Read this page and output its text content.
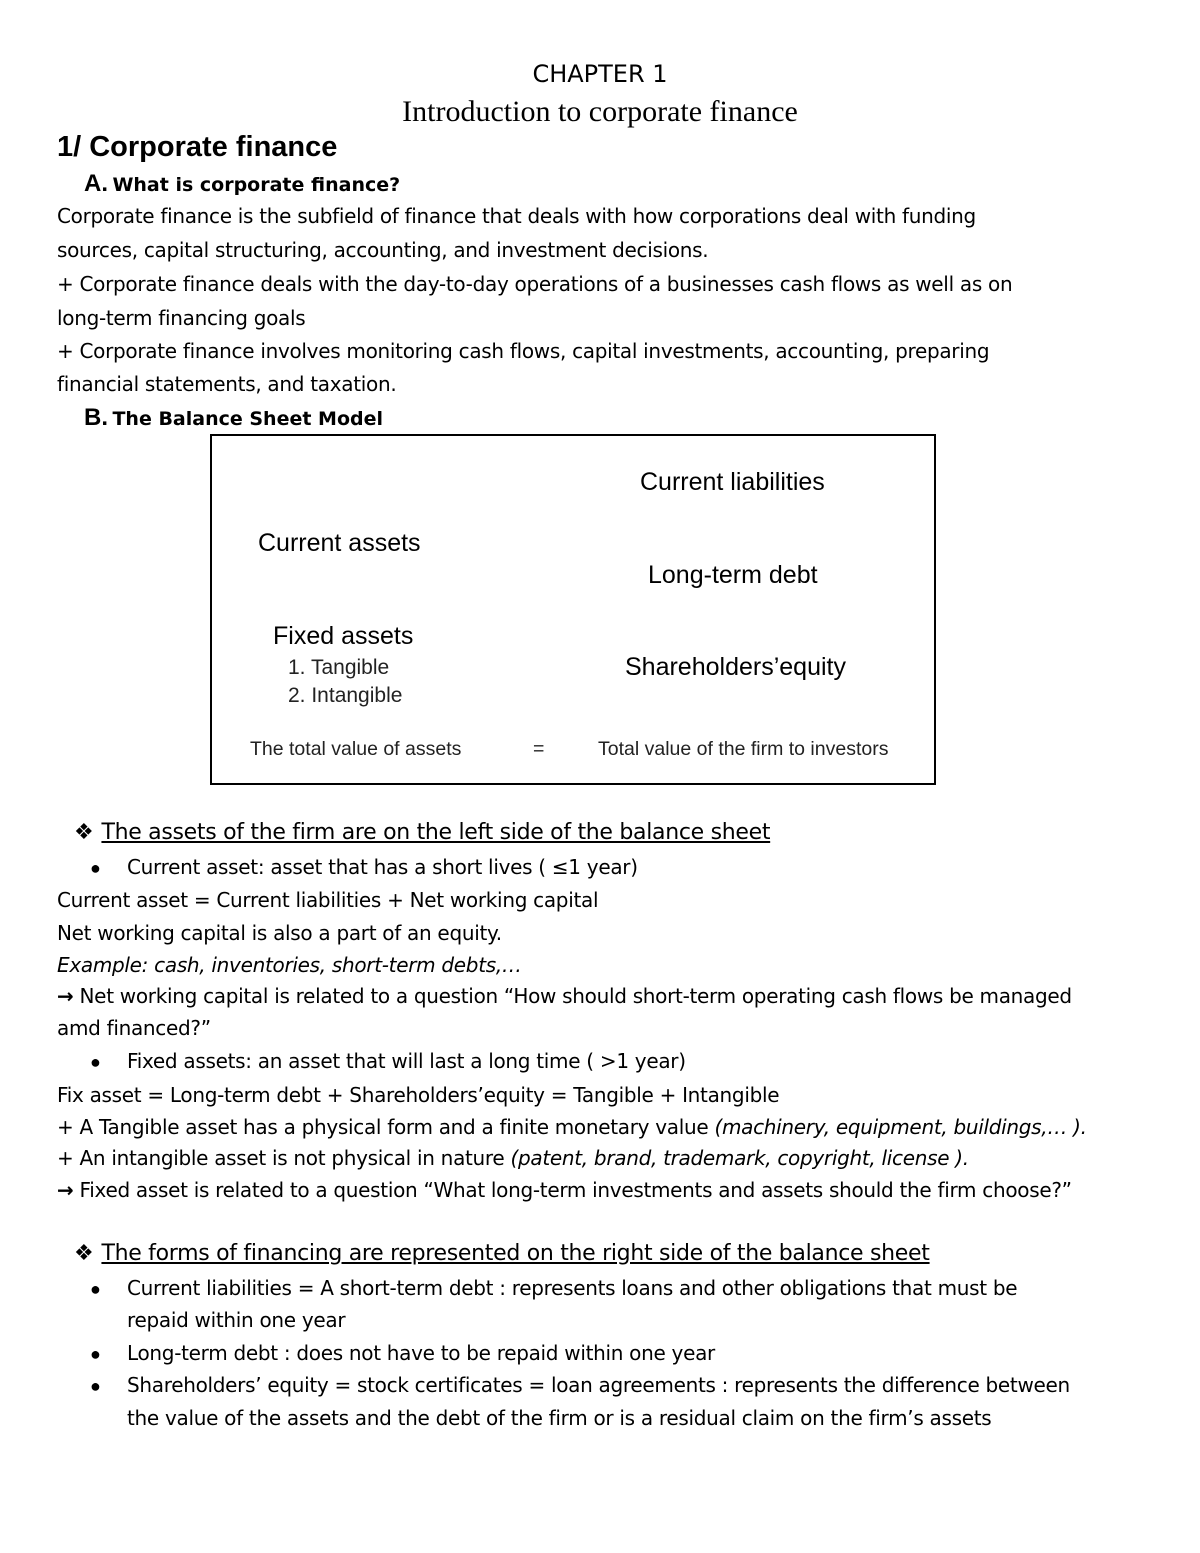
CHAPTER 1
Introduction to corporate finance
1/ Corporate finance
A. What is corporate finance?
Corporate finance is the subfield of finance that deals with how corporations deal with funding
sources, capital structuring, accounting, and investment decisions.
+ Corporate finance deals with the day-to-day operations of a businesses cash flows as well as on
long-term financing goals
+ Corporate finance involves monitoring cash flows, capital investments, accounting, preparing
financial statements, and taxation.
B. The Balance Sheet Model
Current liabilities
Current assets
Long-term debt
Fixed assets
1. Tangible
2. Intangible
Shareholders’equity
The total value of assets	=	Total value of the firm to investors
❖ The assets of the firm are on the left side of the balance sheet
● Current asset: asset that has a short lives ( ≤1 year)
Current asset = Current liabilities + Net working capital
Net working capital is also a part of an equity.
Example: cash, inventories, short-term debts,…
→ Net working capital is related to a question “How should short-term operating cash flows be managed
amd financed?”
● Fixed assets: an asset that will last a long time ( >1 year)
Fix asset = Long-term debt + Shareholders’equity = Tangible + Intangible
+ A Tangible asset has a physical form and a finite monetary value (machinery, equipment, buildings,… ).
+ An intangible asset is not physical in nature (patent, brand, trademark, copyright, license ).
→ Fixed asset is related to a question “What long-term investments and assets should the firm choose?”
❖ The forms of financing are represented on the right side of the balance sheet
● Current liabilities = A short-term debt : represents loans and other obligations that must be
repaid within one year
● Long-term debt : does not have to be repaid within one year
● Shareholders’ equity = stock certificates = loan agreements : represents the difference between
the value of the assets and the debt of the firm or is a residual claim on the firm’s assets
